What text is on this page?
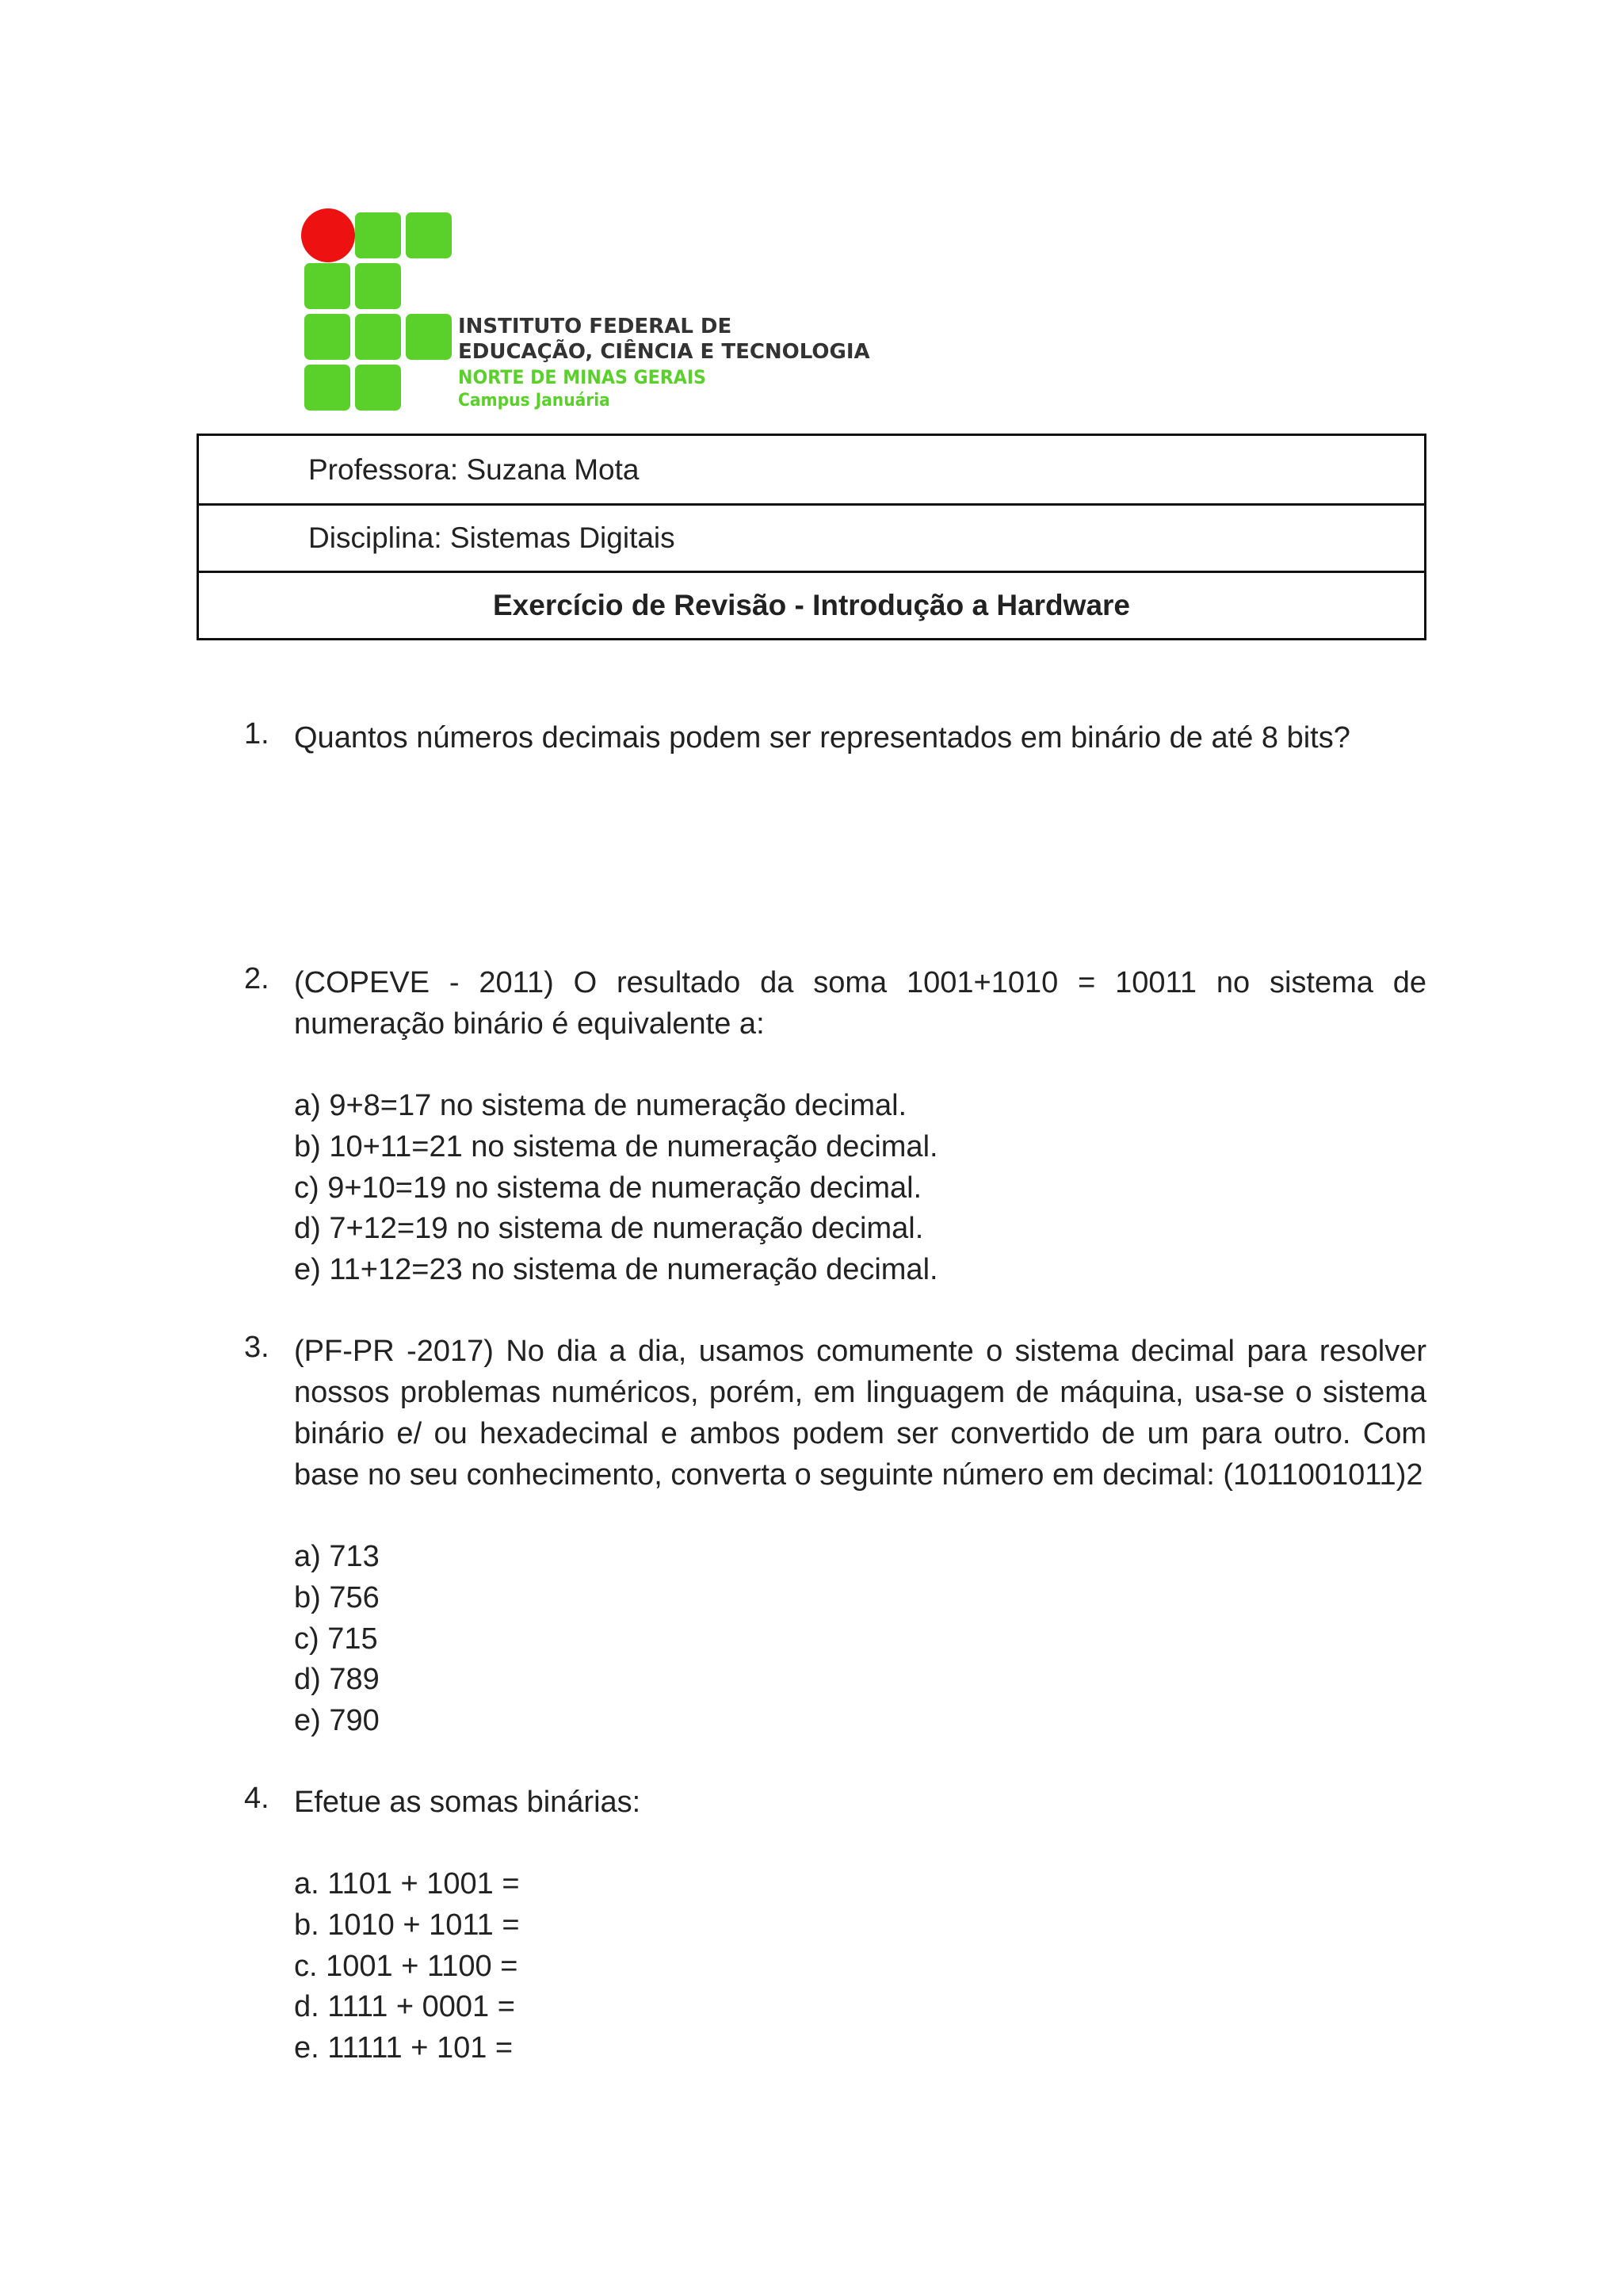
INSTITUTO FEDERAL DE
EDUCAÇÃO, CIÊNCIA E TECNOLOGIA
NORTE DE MINAS GERAIS
Campus Januária
Professora: Suzana Mota
Disciplina: Sistemas Digitais
Exercício de Revisão - Introdução a Hardware
1. Quantos números decimais podem ser representados em binário de até 8 bits?
2. (COPEVE - 2011) O resultado da soma 1001+1010 = 10011 no sistema de numeração binário é equivalente a:
a) 9+8=17 no sistema de numeração decimal.
b) 10+11=21 no sistema de numeração decimal.
c) 9+10=19 no sistema de numeração decimal.
d) 7+12=19 no sistema de numeração decimal.
e) 11+12=23 no sistema de numeração decimal.
3. (PF-PR -2017) No dia a dia, usamos comumente o sistema decimal para resolver nossos problemas numéricos, porém, em linguagem de máquina, usa-se o sistema binário e/ ou hexadecimal e ambos podem ser convertido de um para outro. Com base no seu conhecimento, converta o seguinte número em decimal: (1011001011)2
a) 713
b) 756
c) 715
d) 789
e) 790
4. Efetue as somas binárias:
a. 1101 + 1001 =
b. 1010 + 1011 =
c. 1001 + 1100 =
d. 1111 + 0001 =
e. 11111 + 101 =
